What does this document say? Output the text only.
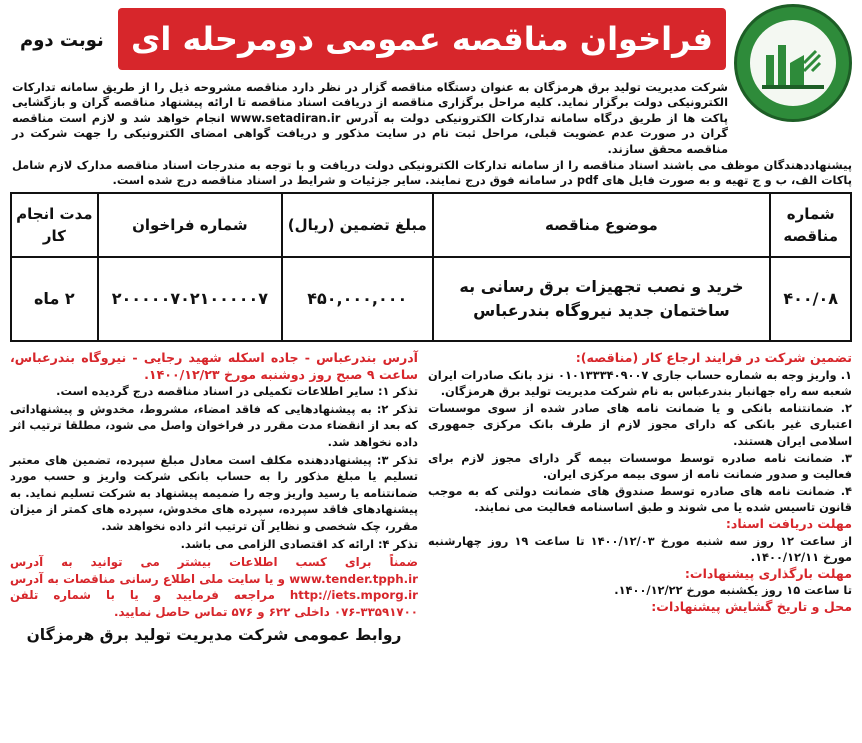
نوبت دوم فراخوان مناقصه عمومی دومرحله ای
شرکت مدیریت تولید برق هرمزگان به عنوان دستگاه مناقصه گزار در نظر دارد مناقصه مشروحه ذیل را از طریق سامانه تدارکات الکترونیکی دولت برگزار نماید. کلیه مراحل برگزاری مناقصه از دریافت اسناد مناقصه تا ارائه پیشنهاد مناقصه گران و بازگشایی پاکت ها از طریق درگاه سامانه تدارکات الکترونیکی دولت به آدرس www.setadiran.ir انجام خواهد شد و لازم است مناقصه گران در صورت عدم عضویت قبلی، مراحل ثبت نام در سایت مذکور و دریافت گواهی امضای الکترونیکی را جهت شرکت در مناقصه محقق سازند.
پیشنهاددهندگان موظف می باشند اسناد مناقصه را از سامانه تدارکات الکترونیکی دولت دریافت و با توجه به مندرجات اسناد مناقصه مدارک لازم شامل پاکات الف، ب و ج تهیه و به صورت فایل های pdf در سامانه فوق درج نمایند. سایر جزئیات و شرایط در اسناد مناقصه درج شده است.
شماره مناقصه	موضوع مناقصه	مبلغ تضمین (ریال)	شماره فراخوان	مدت انجام کار
۴۰۰/۰۸	خرید و نصب تجهیزات برق رسانی به ساختمان جدید نیروگاه بندرعباس	۴۵۰,۰۰۰,۰۰۰	۲۰۰۰۰۰۷۰۲۱۰۰۰۰۰۷	۲ ماه
تضمین شرکت در فرایند ارجاع کار (مناقصه):

۱. واریز وجه به شماره حساب جاری ۰۱۰۱۳۳۳۴۰۹۰۰۷ نزد بانک صادرات ایران شعبه سه راه جهانبار بندرعباس به نام شرکت مدیریت تولید برق هرمزگان.

۲. ضمانتنامه بانکی و یا ضمانت نامه های صادر شده از سوی موسسات اعتباری غیر بانکی که دارای مجوز لازم از طرف بانک مرکزی جمهوری اسلامی ایران هستند.

۳. ضمانت نامه صادره توسط موسسات بیمه گر دارای مجوز لازم برای فعالیت و صدور ضمانت نامه از سوی بیمه مرکزی ایران.

۴. ضمانت نامه های صادره توسط صندوق های ضمانت دولتی که به موجب قانون تاسیس شده یا می شوند و طبق اساسنامه فعالیت می نمایند.

مهلت دریافت اسناد:

از ساعت ۱۲ روز سه شنبه مورخ ۱۴۰۰/۱۲/۰۳ تا ساعت ۱۹ روز چهارشنبه مورخ ۱۴۰۰/۱۲/۱۱.

مهلت بارگذاری پیشنهادات:

تا ساعت ۱۵ روز یکشنبه مورخ ۱۴۰۰/۱۲/۲۲.

محل و تاریخ گشایش پیشنهادات:
آدرس بندرعباس - جاده اسکله شهید رجایی - نیروگاه بندرعباس، ساعت ۹ صبح روز دوشنبه مورخ ۱۴۰۰/۱۲/۲۳.

تذکر ۱: سایر اطلاعات تکمیلی در اسناد مناقصه درج گردیده است.

تذکر ۲: به پیشنهادهایی که فاقد امضاء، مشروط، مخدوش و پیشنهاداتی که بعد از انقضاء مدت مقرر در فراخوان واصل می شود، مطلقا ترتیب اثر داده نخواهد شد.

تذکر ۳: پیشنهاددهنده مکلف است معادل مبلغ سپرده، تضمین های معتبر تسلیم یا مبلغ مذکور را به حساب بانکی شرکت واریز و حسب مورد ضمانتنامه یا رسید واریز وجه را ضمیمه پیشنهاد به شرکت تسلیم نماید. به پیشنهادهای فاقد سپرده، سپرده های مخدوش، سپرده های کمتر از میزان مقرر، چک شخصی و نظایر آن ترتیب اثر داده نخواهد شد.

تذکر ۴: ارائه کد اقتصادی الزامی می باشد.

ضمناً برای کسب اطلاعات بیشتر می توانید به آدرس www.tender.tpph.ir و یا سایت ملی اطلاع رسانی مناقصات به آدرس http://iets.mporg.ir مراجعه فرمایید و یا با شماره تلفن ۳۳۵۹۱۷۰۰-۰۷۶ داخلی ۶۲۲ و ۵۷۶ تماس حاصل نمایید.
روابط عمومی شرکت مدیریت تولید برق هرمزگان
